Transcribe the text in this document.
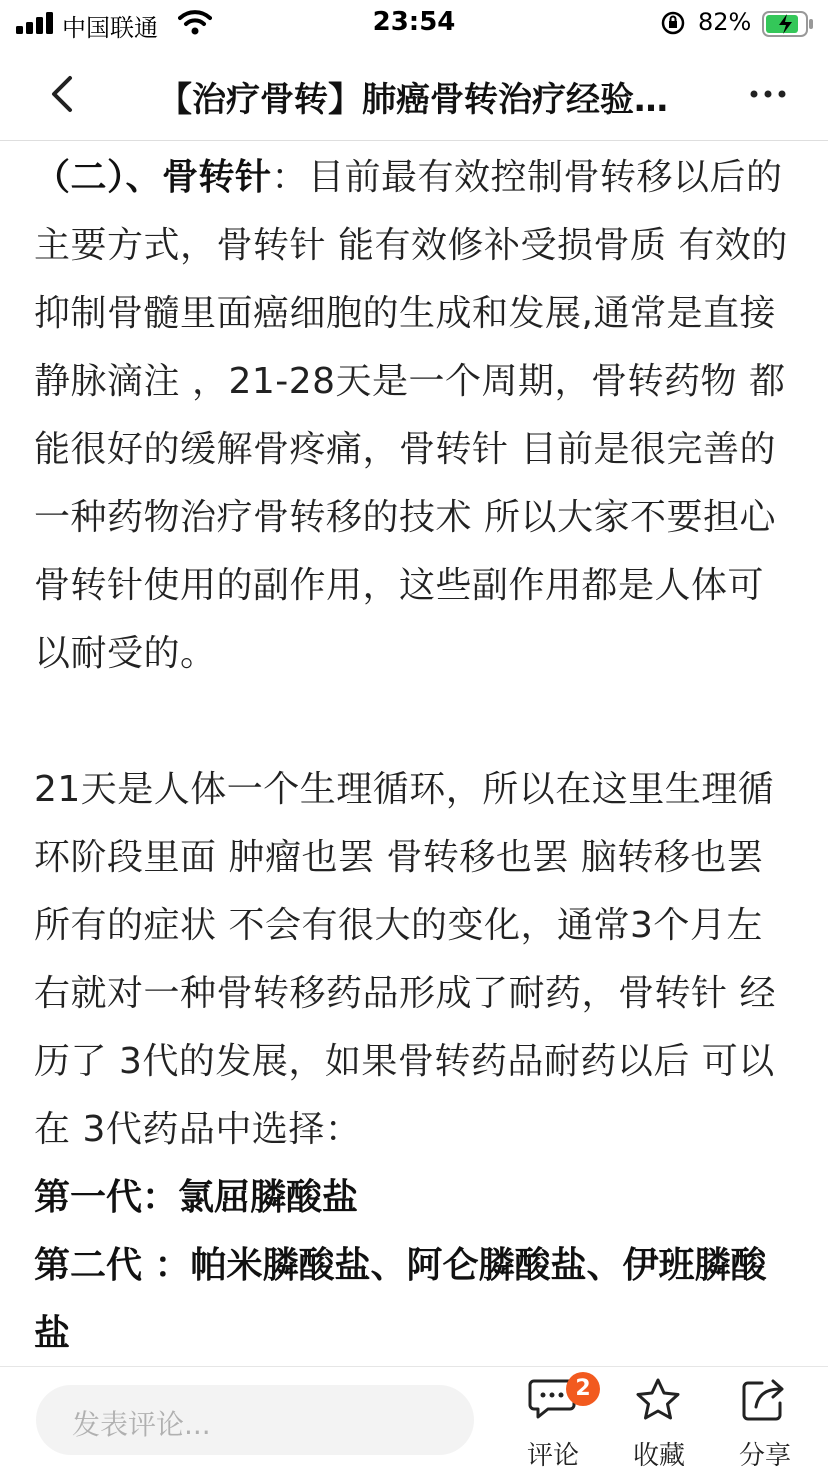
中国联通	23:54	82%
【治疗骨转】肺癌骨转治疗经验…

（二）、骨转针：目前最有效控制骨转移以后的主要方式，骨转针 能有效修补受损骨质 有效的抑制骨髓里面癌细胞的生成和发展,通常是直接静脉滴注 ，21-28天是一个周期，骨转药物 都能很好的缓解骨疼痛，骨转针 目前是很完善的一种药物治疗骨转移的技术 所以大家不要担心骨转针使用的副作用，这些副作用都是人体可以耐受的。

21天是人体一个生理循环，所以在这里生理循环阶段里面 肿瘤也罢 骨转移也罢 脑转移也罢 所有的症状 不会有很大的变化，通常3个月左右就对一种骨转移药品形成了耐药，骨转针 经历了 3代的发展，如果骨转药品耐药以后 可以在 3代药品中选择：

第一代：氯屈膦酸盐

第二代 ：帕米膦酸盐、阿仑膦酸盐、伊班膦酸盐

发表评论...
评论	收藏	分享
2
